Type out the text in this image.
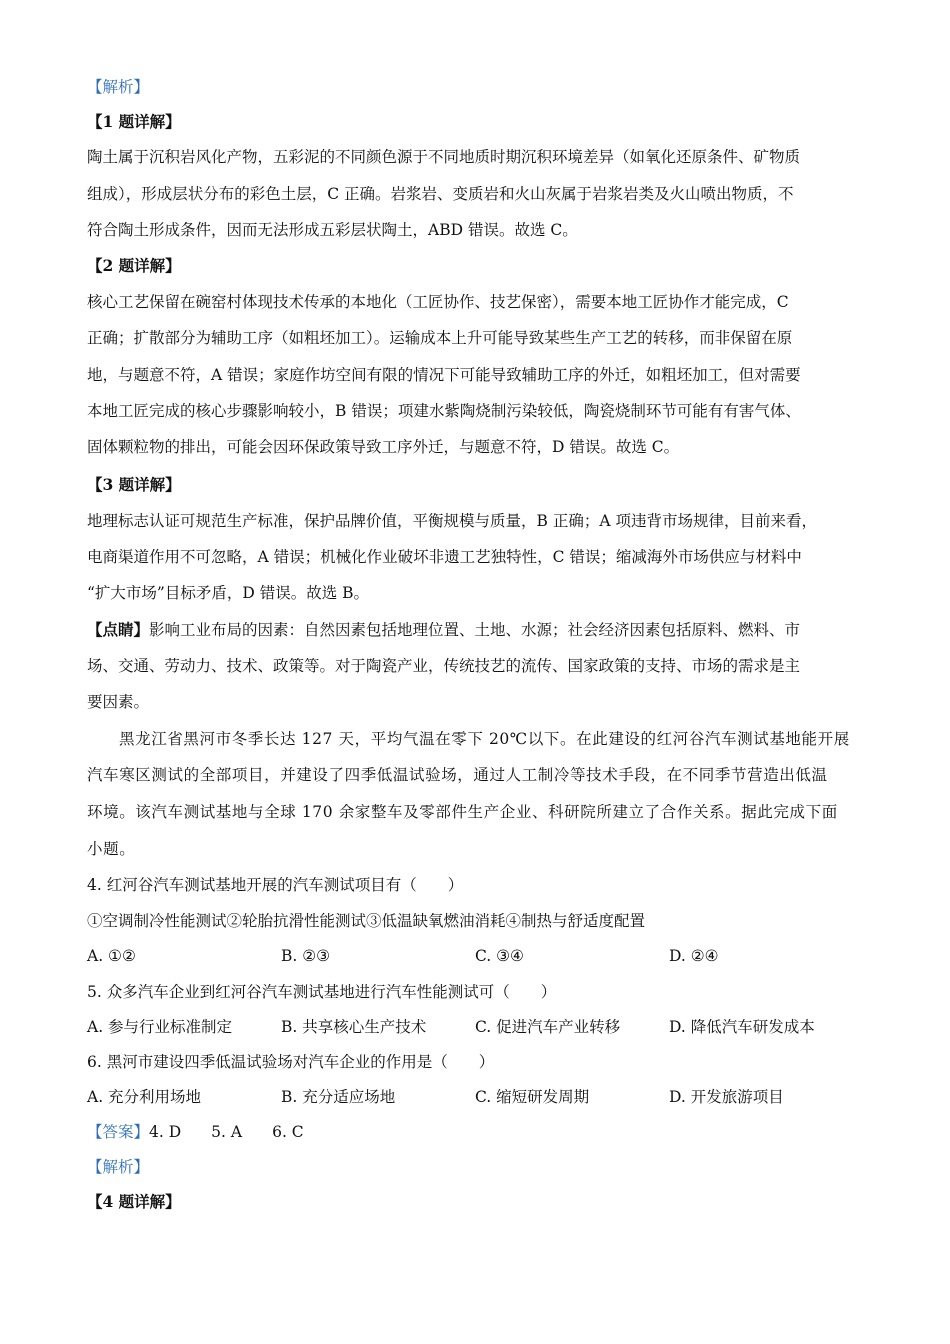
【解析】
【1 题详解】
陶土属于沉积岩风化产物，五彩泥的不同颜色源于不同地质时期沉积环境差异（如氧化还原条件、矿物质
组成），形成层状分布的彩色土层，C 正确。岩浆岩、变质岩和火山灰属于岩浆岩类及火山喷出物质，不
符合陶土形成条件，因而无法形成五彩层状陶土，ABD 错误。故选 C。
【2 题详解】
核心工艺保留在碗窑村体现技术传承的本地化（工匠协作、技艺保密），需要本地工匠协作才能完成，C
正确；扩散部分为辅助工序（如粗坯加工）。运输成本上升可能导致某些生产工艺的转移，而非保留在原
地，与题意不符，A 错误；家庭作坊空间有限的情况下可能导致辅助工序的外迁，如粗坯加工，但对需要
本地工匠完成的核心步骤影响较小，B 错误；项建水紫陶烧制污染较低，陶瓷烧制环节可能有有害气体、
固体颗粒物的排出，可能会因环保政策导致工序外迁，与题意不符，D 错误。故选 C。
【3 题详解】
地理标志认证可规范生产标准，保护品牌价值，平衡规模与质量，B 正确；A 项违背市场规律，目前来看，
电商渠道作用不可忽略，A 错误；机械化作业破坏非遗工艺独特性，C 错误；缩减海外市场供应与材料中
“扩大市场”目标矛盾，D 错误。故选 B。
【点睛】影响工业布局的因素：自然因素包括地理位置、土地、水源；社会经济因素包括原料、燃料、市
场、交通、劳动力、技术、政策等。对于陶瓷产业，传统技艺的流传、国家政策的支持、市场的需求是主
要因素。
黑龙江省黑河市冬季长达 127 天，平均气温在零下 20℃以下。在此建设的红河谷汽车测试基地能开展
汽车寒区测试的全部项目，并建设了四季低温试验场，通过人工制冷等技术手段，在不同季节营造出低温
环境。该汽车测试基地与全球 170 余家整车及零部件生产企业、科研院所建立了合作关系。据此完成下面
小题。
4. 红河谷汽车测试基地开展的汽车测试项目有（　　）
①空调制冷性能测试②轮胎抗滑性能测试③低温缺氧燃油消耗④制热与舒适度配置
A. ①②	B. ②③	C. ③④	D. ②④
5. 众多汽车企业到红河谷汽车测试基地进行汽车性能测试可（　　）
A. 参与行业标准制定	B. 共享核心生产技术	C. 促进汽车产业转移	D. 降低汽车研发成本
6. 黑河市建设四季低温试验场对汽车企业的作用是（　　）
A. 充分利用场地	B. 充分适应场地	C. 缩短研发周期	D. 开发旅游项目
【答案】4. D 5. A 6. C
【解析】
【4 题详解】
